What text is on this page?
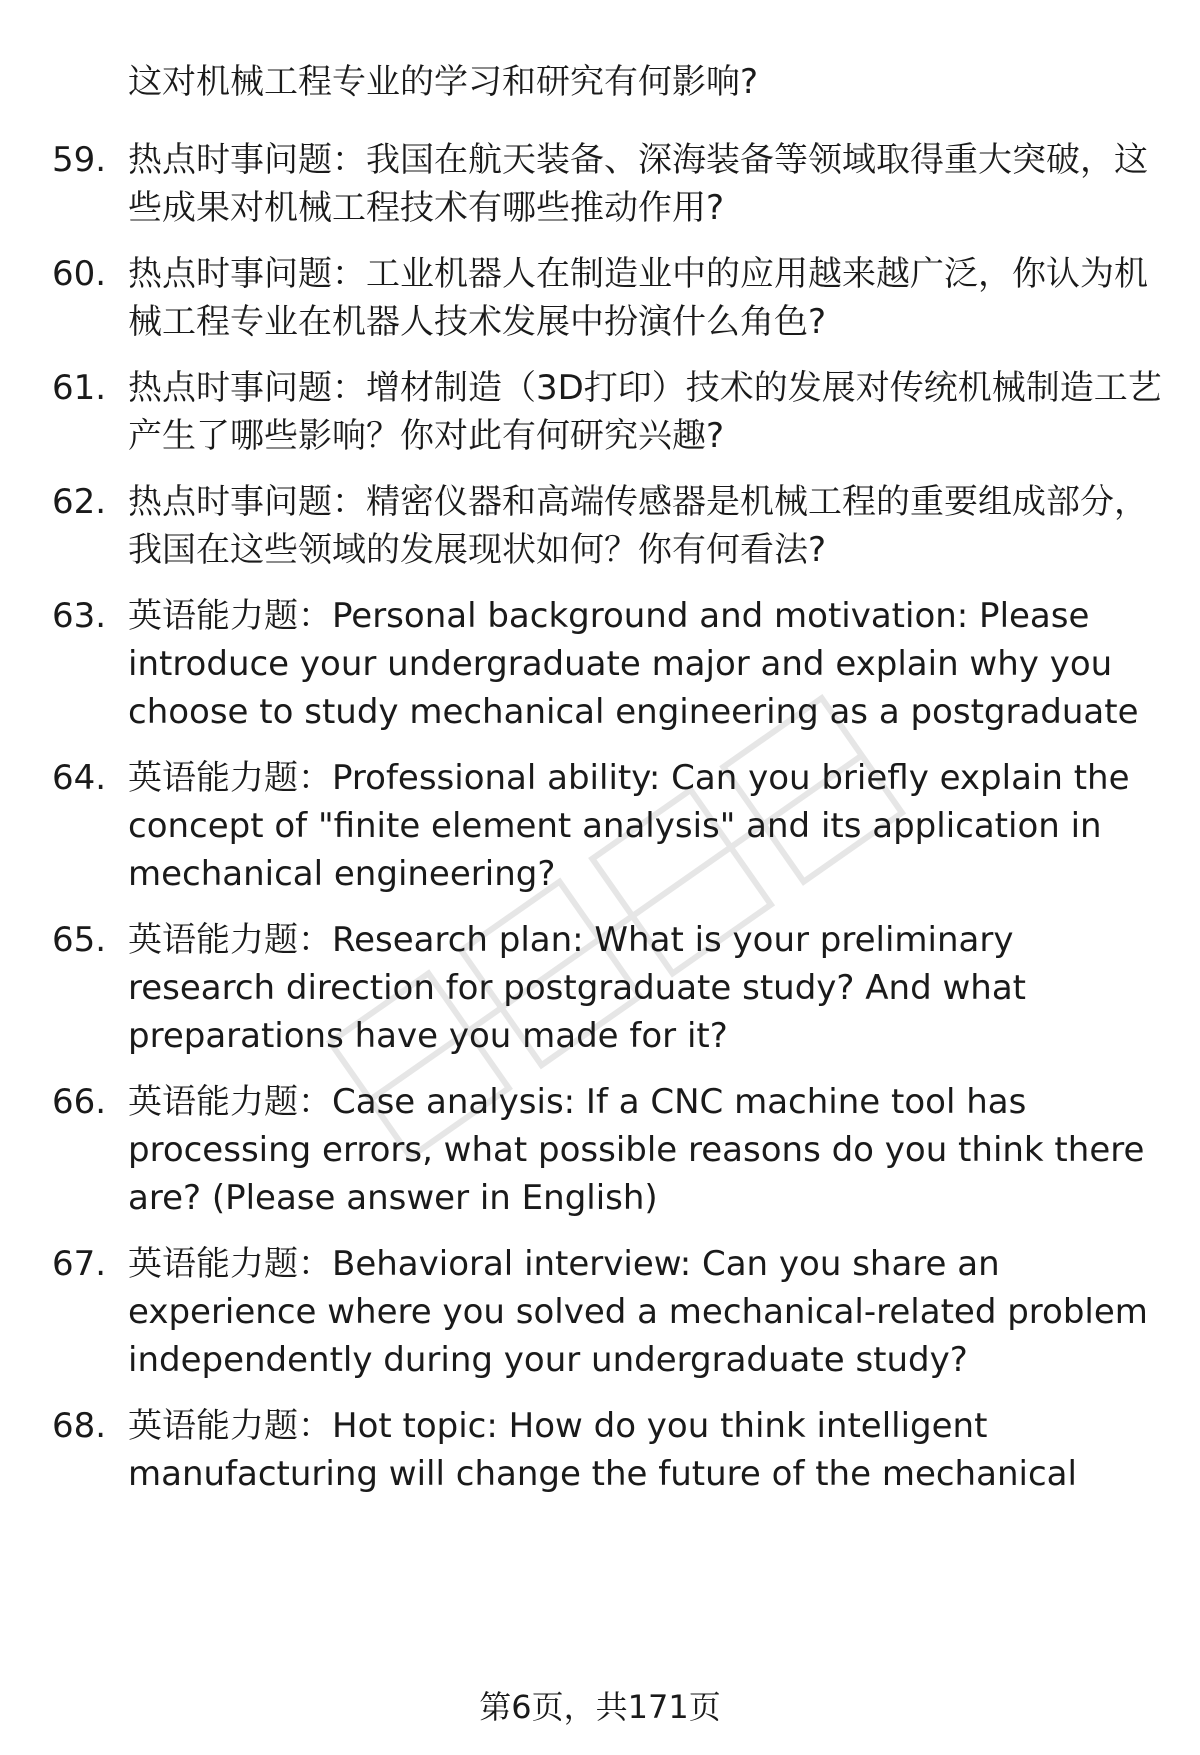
这对机械工程专业的学习和研究有何影响?
59. 热点时事问题：我国在航天装备、深海装备等领域取得重大突破，这些成果对机械工程技术有哪些推动作用?
60. 热点时事问题：工业机器人在制造业中的应用越来越广泛，你认为机械工程专业在机器人技术发展中扮演什么角色?
61. 热点时事问题：增材制造（3D打印）技术的发展对传统机械制造工艺产生了哪些影响？你对此有何研究兴趣?
62. 热点时事问题：精密仪器和高端传感器是机械工程的重要组成部分，我国在这些领域的发展现状如何？你有何看法?
63. 英语能力题：Personal background and motivation: Please introduce your undergraduate major and explain why you choose to study mechanical engineering as a postgraduate
64. 英语能力题：Professional ability: Can you briefly explain the concept of "finite element analysis" and its application in mechanical engineering?
65. 英语能力题：Research plan: What is your preliminary research direction for postgraduate study? And what preparations have you made for it?
66. 英语能力题：Case analysis: If a CNC machine tool has processing errors, what possible reasons do you think there are? (Please answer in English)
67. 英语能力题：Behavioral interview: Can you share an experience where you solved a mechanical-related problem independently during your undergraduate study?
68. 英语能力题：Hot topic: How do you think intelligent manufacturing will change the future of the mechanical
第6页，共171页
